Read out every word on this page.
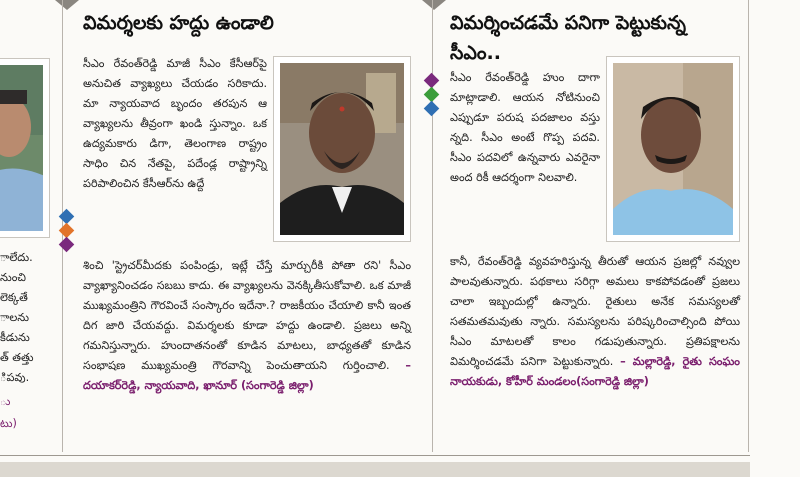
ాలేదు.
నుంచి
లెక్కతే
ాలను
కీడును
త్ తత్తు
ిపవు.
ు
టు)
విమర్శలకు హద్దు ఉండాలి
సీఎం రేవంత్‌రెడ్డి మాజీ సీఎం కేసీఆర్‌పై అనుచిత వ్యాఖ్యలు చేయడం సరికాదు. మా న్యాయవాద బృందం తరపున ఆ వ్యాఖ్యలను తీవ్రంగా ఖండి స్తున్నాం. ఒక ఉద్యమకారు డిగా, తెలంగాణ రాష్ట్రం సాధిం చిన నేతపై, పదేండ్ల రాష్ట్రాన్ని పరిపాలించిన కేసీఆర్‌ను ఉద్దే
శించి 'స్ట్రెచర్‌మీదకు పంపిండ్రు, ఇట్లే చేస్తే మార్చురీకి పోతా రని' సీఎం వ్యాఖ్యానించడం సబబు కాదు. ఈ వ్యాఖ్యలను వెనక్కితీసుకోవాలి. ఒక మాజీ ముఖ్యమంత్రిని గౌరవించే సంస్కారం ఇదేనా.? రాజకీయం చేయాలి కానీ ఇంత దిగ జారి చేయవద్దు. విమర్శలకు కూడా హద్దు ఉండాలి. ప్రజలు అన్ని గమనిస్తున్నారు. హుందాతనంతో కూడిన మాటలు, బాధ్యతతో కూడిన సంభాషణ ముఖ్యమంత్రి గౌరవాన్ని పెంచుతాయని గుర్తించాలి. – దయాకర్‌రెడ్డి, న్యాయవాది, ఖానూర్ (సంగారెడ్డి జిల్లా)
విమర్శించడమే పనిగా పెట్టుకున్న సీఎం..
సీఎం రేవంత్‌రెడ్డి హుం దాగా మాట్లాడాలి. ఆయన నోటినుంచి ఎప్పుడూ పరుష పదజాలం వస్తు న్నది. సీఎం అంటే గొప్ప పదవి. సీఎం పదవిలో ఉన్నవారు ఎవరైనా అంద రికీ ఆదర్శంగా నిలవాలి.
కానీ, రేవంత్‌రెడ్డి వ్యవహరిస్తున్న తీరుతో ఆయన ప్రజల్లో నవ్వుల పాలవుతున్నారు. పథకాలు సరిగ్గా అమలు కాకపోవడంతో ప్రజలు చాలా ఇబ్బందుల్లో ఉన్నారు. రైతులు అనేక సమస్యలతో సతమతమవుతు న్నారు. సమస్యలను పరిష్కరించాల్సింది పోయి సీఎం మాటలతో కాలం గడుపుతున్నారు. ప్రతిపక్షాలను విమర్శించడమే పనిగా పెట్టుకున్నారు. – మల్లారెడ్డి, రైతు సంఘం నాయకుడు, కోహీర్ మండలం(సంగారెడ్డి జిల్లా)
